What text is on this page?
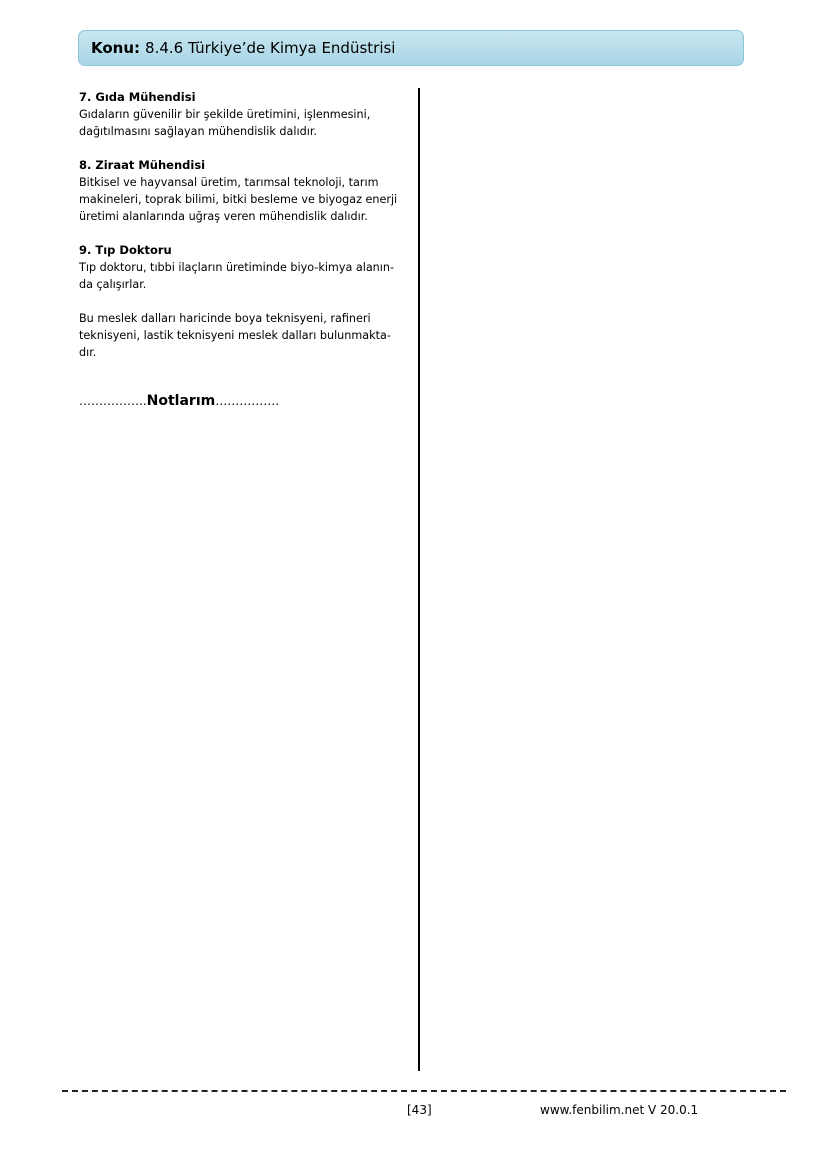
Konu: 8.4.6 Türkiye’de Kimya Endüstrisi
7. Gıda Mühendisi
Gıdaların güvenilir bir şekilde üretimini, işlenmesini,
dağıtılmasını sağlayan mühendislik dalıdır.
8. Ziraat Mühendisi
Bitkisel ve hayvansal üretim, tarımsal teknoloji, tarım
makineleri, toprak bilimi, bitki besleme ve biyogaz enerji
üretimi alanlarında uğraş veren mühendislik dalıdır.
9. Tıp Doktoru
Tıp doktoru, tıbbi ilaçların üretiminde biyo-kimya alanın-
da çalışırlar.
Bu meslek dalları haricinde boya teknisyeni, rafineri
teknisyeni, lastik teknisyeni meslek dalları bulunmakta-
dır.
……………..Notlarım…………….
[43]	www.fenbilim.net V 20.0.1
